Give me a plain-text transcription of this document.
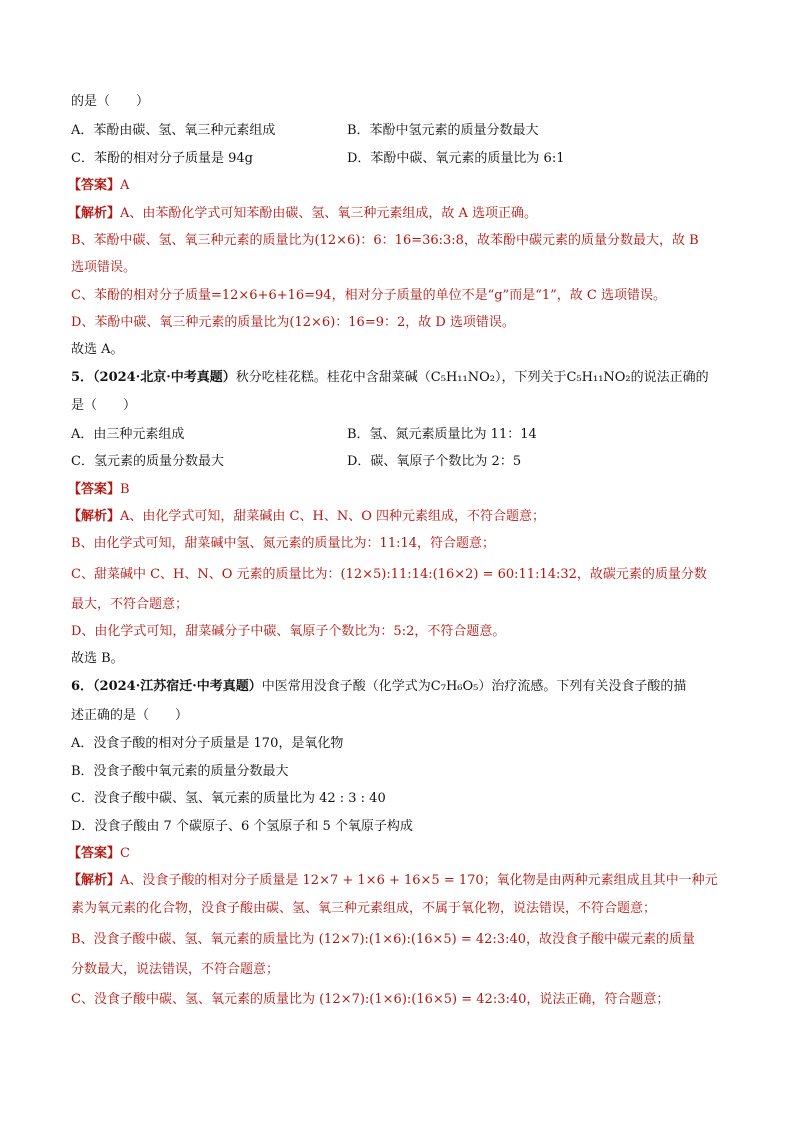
的是（　　）
A．苯酚由碳、氢、氧三种元素组成	B．苯酚中氢元素的质量分数最大
C．苯酚的相对分子质量是 94g	D．苯酚中碳、氧元素的质量比为 6:1
【答案】A
【解析】A、由苯酚化学式可知苯酚由碳、氢、氧三种元素组成，故 A 选项正确。
B、苯酚中碳、氢、氧三种元素的质量比为(12×6)：6：16=36:3:8，故苯酚中碳元素的质量分数最大，故 B
选项错误。
C、苯酚的相对分子质量=12×6+6+16=94，相对分子质量的单位不是“g”而是“1”，故 C 选项错误。
D、苯酚中碳、氧三种元素的质量比为(12×6)：16=9：2，故 D 选项错误。
故选 A。
5．（2024·北京·中考真题）秋分吃桂花糕。桂花中含甜菜碱（C₅H₁₁NO₂），下列关于C₅H₁₁NO₂的说法正确的
是（　　）
A．由三种元素组成	B．氢、氮元素质量比为 11：14
C．氢元素的质量分数最大	D．碳、氧原子个数比为 2：5
【答案】B
【解析】A、由化学式可知，甜菜碱由 C、H、N、O 四种元素组成，不符合题意；
B、由化学式可知，甜菜碱中氢、氮元素的质量比为：11:14，符合题意；
C、甜菜碱中 C、H、N、O 元素的质量比为：(12×5):11:14:(16×2) = 60:11:14:32，故碳元素的质量分数
最大，不符合题意；
D、由化学式可知，甜菜碱分子中碳、氧原子个数比为：5:2，不符合题意。
故选 B。
6．（2024·江苏宿迁·中考真题）中医常用没食子酸（化学式为C₇H₆O₅）治疗流感。下列有关没食子酸的描
述正确的是（　　）
A．没食子酸的相对分子质量是 170，是氧化物
B．没食子酸中氧元素的质量分数最大
C．没食子酸中碳、氢、氧元素的质量比为 42 : 3 : 40
D．没食子酸由 7 个碳原子、6 个氢原子和 5 个氧原子构成
【答案】C
【解析】A、没食子酸的相对分子质量是 12×7 + 1×6 + 16×5 = 170；氧化物是由两种元素组成且其中一种元
素为氧元素的化合物，没食子酸由碳、氢、氧三种元素组成，不属于氧化物，说法错误，不符合题意；
B、没食子酸中碳、氢、氧元素的质量比为 (12×7):(1×6):(16×5) = 42:3:40，故没食子酸中碳元素的质量
分数最大，说法错误，不符合题意；
C、没食子酸中碳、氢、氧元素的质量比为 (12×7):(1×6):(16×5) = 42:3:40，说法正确，符合题意；
